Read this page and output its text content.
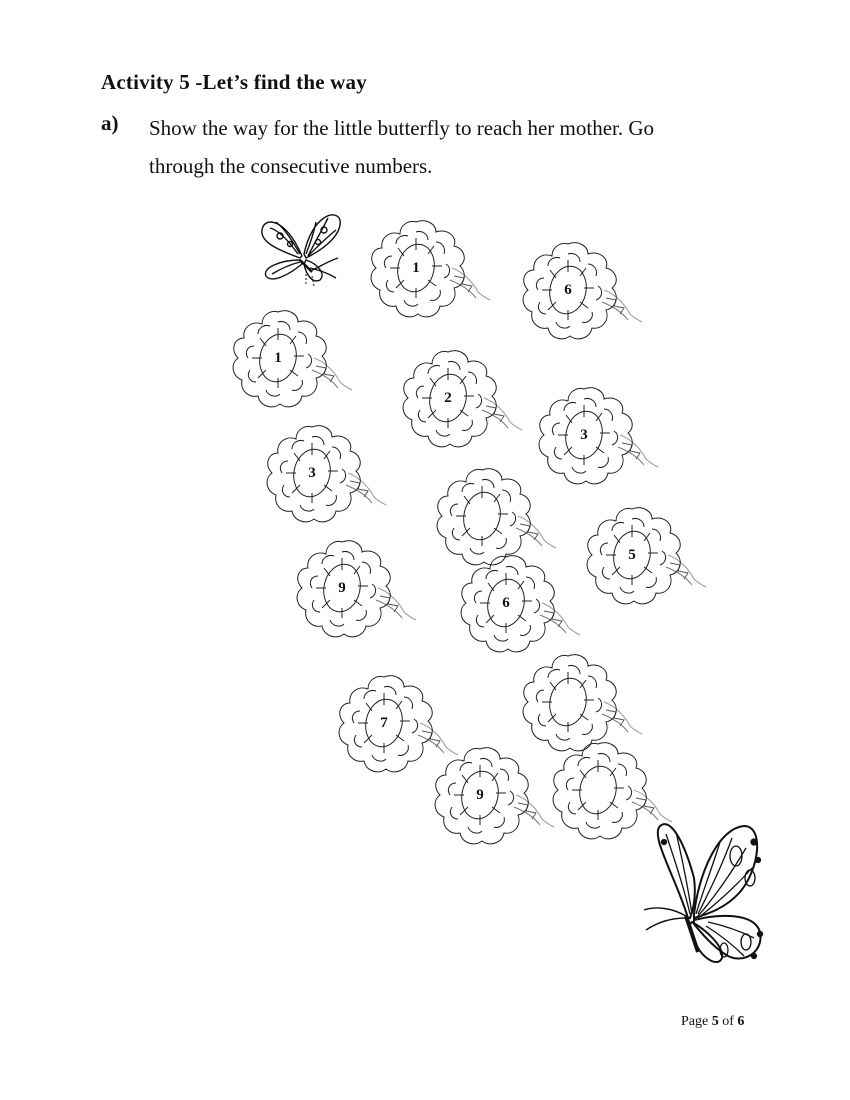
Activity 5 -Let’s find the way
a) Show the way for the little butterfly to reach her mother. Go
through the consecutive numbers.
1
6
1
2
3
3
5
9
6
7
9
Page 5 of 6
